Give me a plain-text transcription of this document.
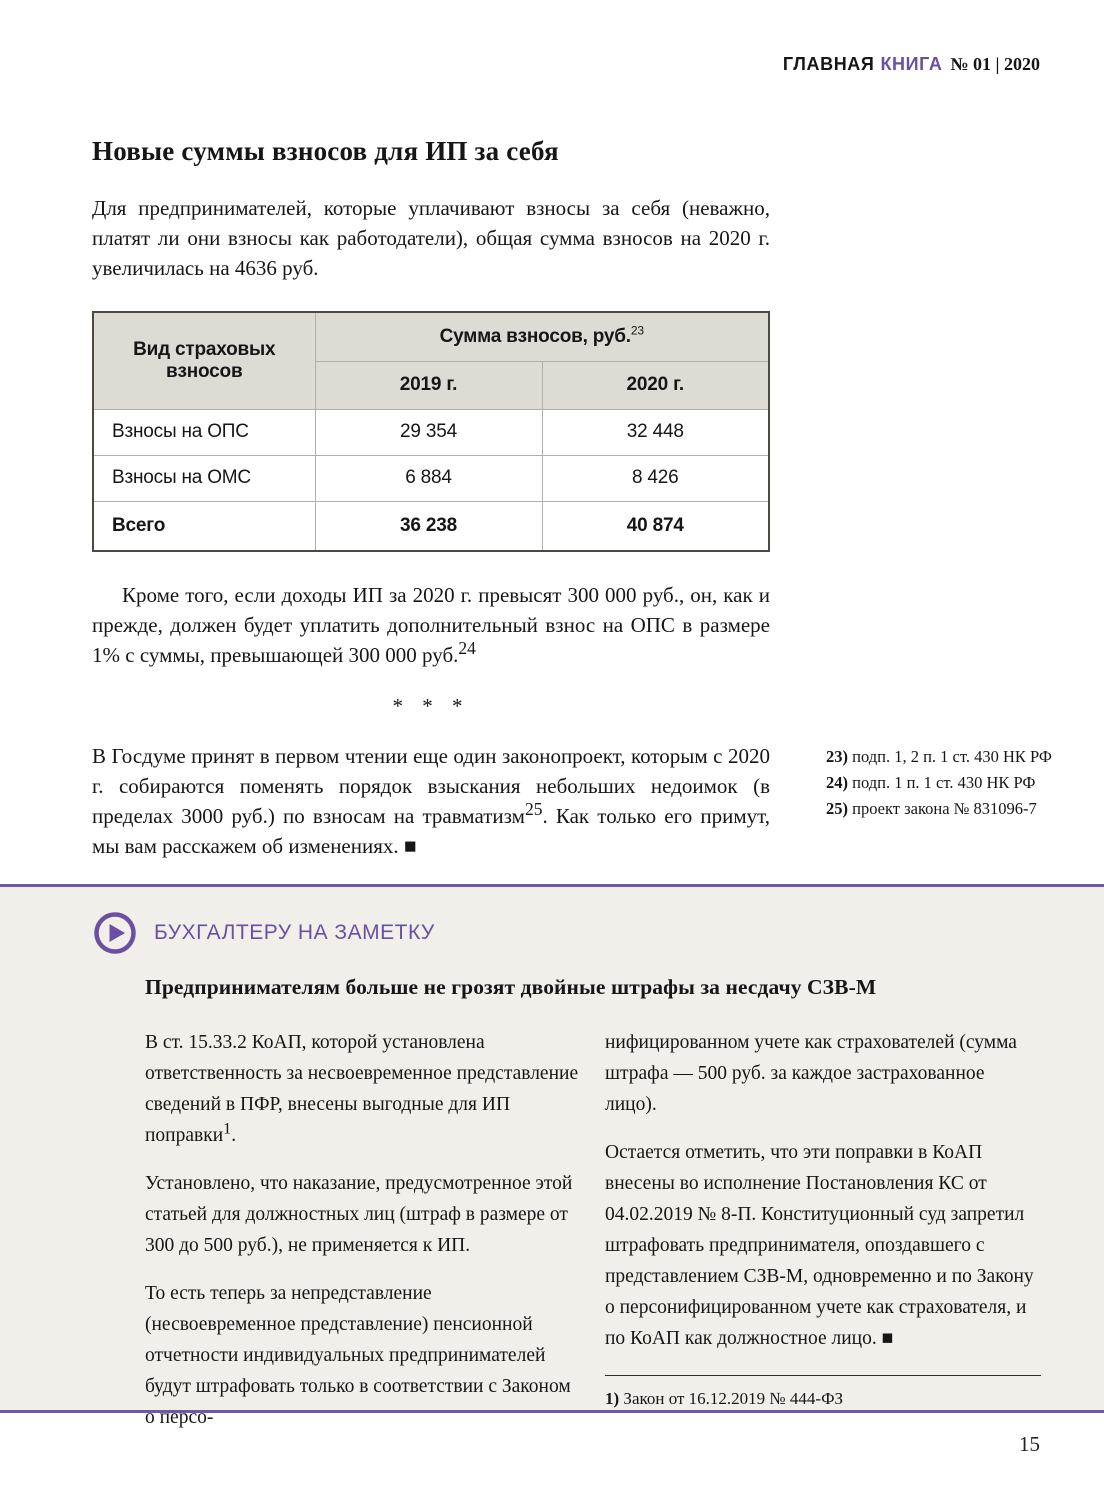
ГЛАВНАЯ КНИГА № 01 | 2020
Новые суммы взносов для ИП за себя

Для предпринимателей, которые уплачивают взносы за себя (неважно, платят ли они взносы как работодатели), общая сумма взносов на 2020 г. увеличилась на 4636 руб.

Вид страховых взносов	Сумма взносов, руб.$^{23}$
	2019 г.	2020 г.
Взносы на ОПС	29 354	32 448
Взносы на ОМС	6 884	8 426
Всего	36 238	40 874

Кроме того, если доходы ИП за 2020 г. превысят 300 000 руб., он, как и прежде, должен будет уплатить дополнительный взнос на ОПС в размере 1% с суммы, превышающей 300 000 руб.$^{24}$

* * *

В Госдуме принят в первом чтении еще один законопроект, которым с 2020 г. собираются поменять порядок взыскания небольших недоимок (в пределах 3000 руб.) по взносам на травматизм$^{25}$. Как только его примут, мы вам расскажем об изменениях. ■

23) подп. 1, 2 п. 1 ст. 430 НК РФ
24) подп. 1 п. 1 ст. 430 НК РФ
25) проект закона № 831096-7
БУХГАЛТЕРУ НА ЗАМЕТКУ
Предпринимателям больше не грозят двойные штрафы за несдачу СЗВ-М

В ст. 15.33.2 КоАП, которой установлена ответственность за несвоевременное представление сведений в ПФР, внесены выгодные для ИП поправки$^1$.

Установлено, что наказание, предусмотренное этой статьей для должностных лиц (штраф в размере от 300 до 500 руб.), не применяется к ИП.

То есть теперь за непредставление (несвоевременное представление) пенсионной отчетности индивидуальных предпринимателей будут штрафовать только в соответствии с Законом о персо-

нифицированном учете как страхователей (сумма штрафа — 500 руб. за каждое застрахованное лицо).

Остается отметить, что эти поправки в КоАП внесены во исполнение Постановления КС от 04.02.2019 № 8-П. Конституционный суд запретил штрафовать предпринимателя, опоздавшего с представлением СЗВ-М, одновременно и по Закону о персонифицированном учете как страхователя, и по КоАП как должностное лицо. ■

1) Закон от 16.12.2019 № 444-ФЗ
15
